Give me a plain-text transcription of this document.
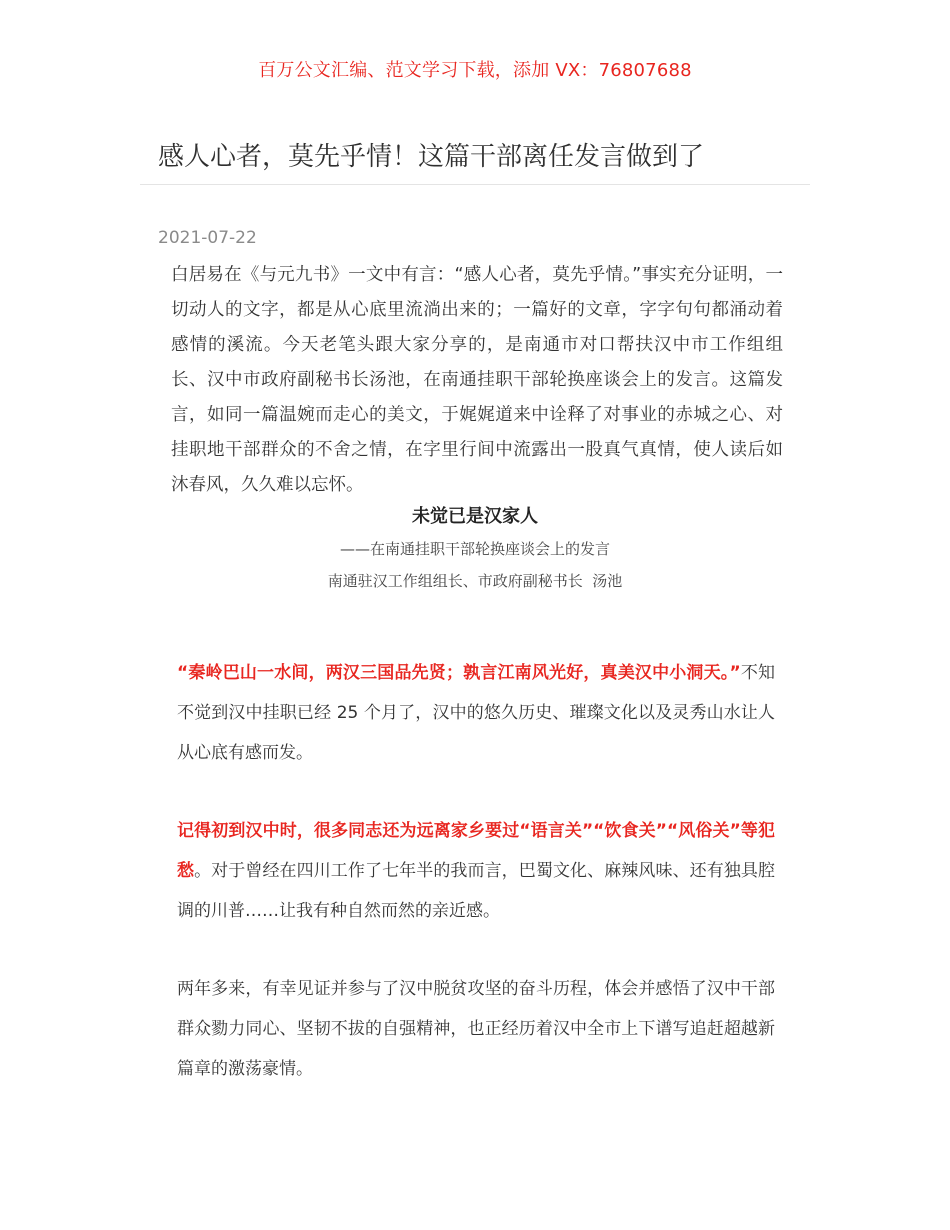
百万公文汇编、范文学习下载，添加 VX：76807688
感人心者，莫先乎情！这篇干部离任发言做到了
2021-07-22

白居易在《与元九书》一文中有言：“感人心者，莫先乎情。”事实充分证明，一切动人的文字，都是从心底里流淌出来的；一篇好的文章，字字句句都涌动着感情的溪流。今天老笔头跟大家分享的，是南通市对口帮扶汉中市工作组组长、汉中市政府副秘书长汤池，在南通挂职干部轮换座谈会上的发言。这篇发言，如同一篇温婉而走心的美文，于娓娓道来中诠释了对事业的赤城之心、对挂职地干部群众的不舍之情，在字里行间中流露出一股真气真情，使人读后如沐春风，久久难以忘怀。

未觉已是汉家人
——在南通挂职干部轮换座谈会上的发言
南通驻汉工作组组长、市政府副秘书长  汤池

“秦岭巴山一水间，两汉三国品先贤；孰言江南风光好，真美汉中小洞天。”不知不觉到汉中挂职已经 25 个月了，汉中的悠久历史、璀璨文化以及灵秀山水让人从心底有感而发。

记得初到汉中时，很多同志还为远离家乡要过“语言关”“饮食关”“风俗关”等犯愁。对于曾经在四川工作了七年半的我而言，巴蜀文化、麻辣风味、还有独具腔调的川普……让我有种自然而然的亲近感。

两年多来，有幸见证并参与了汉中脱贫攻坚的奋斗历程，体会并感悟了汉中干部群众勠力同心、坚韧不拔的自强精神，也正经历着汉中全市上下谱写追赶超越新篇章的激荡豪情。
